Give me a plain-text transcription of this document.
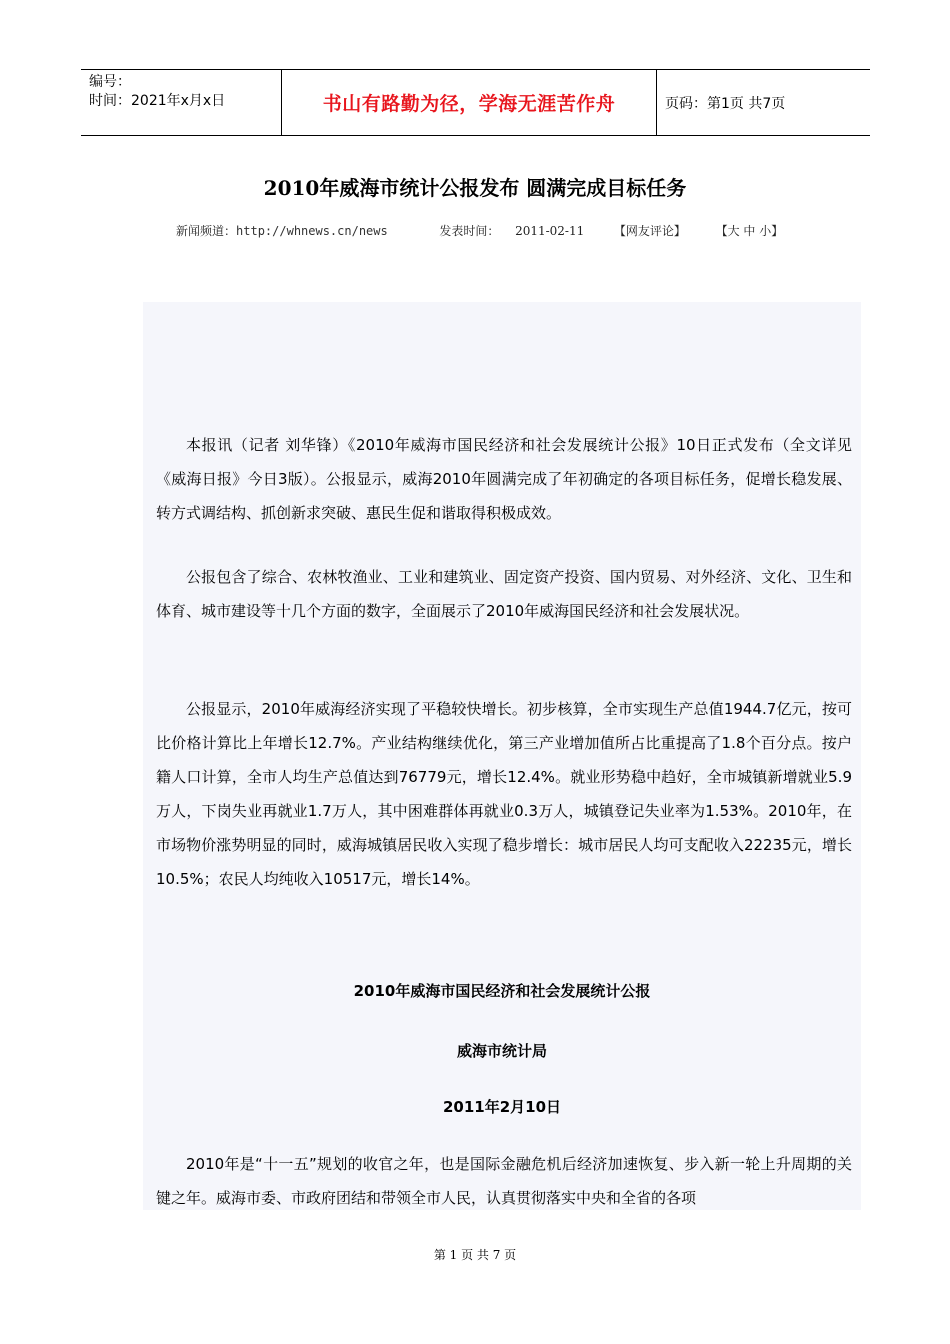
编号：
时间：2021年x月x日	书山有路勤为径，学海无涯苦作舟	页码：第1页 共7页
2010年威海市统计公报发布 圆满完成目标任务
新闻频道：http://whnews.cn/news	发表时间： 2011-02-11 【网友评论】 【大 中 小】

本报讯（记者 刘华锋）《2010年威海市国民经济和社会发展统计公报》10日正式发布（全文详见《威海日报》今日3版）。公报显示，威海2010年圆满完成了年初确定的各项目标任务，促增长稳发展、转方式调结构、抓创新求突破、惠民生促和谐取得积极成效。

公报包含了综合、农林牧渔业、工业和建筑业、固定资产投资、国内贸易、对外经济、文化、卫生和体育、城市建设等十几个方面的数字，全面展示了2010年威海国民经济和社会发展状况。

公报显示，2010年威海经济实现了平稳较快增长。初步核算，全市实现生产总值1944.7亿元，按可比价格计算比上年增长12.7%。产业结构继续优化，第三产业增加值所占比重提高了1.8个百分点。按户籍人口计算，全市人均生产总值达到76779元，增长12.4%。就业形势稳中趋好，全市城镇新增就业5.9万人，下岗失业再就业1.7万人，其中困难群体再就业0.3万人，城镇登记失业率为1.53%。2010年，在市场物价涨势明显的同时，威海城镇居民收入实现了稳步增长：城市居民人均可支配收入22235元，增长10.5%；农民人均纯收入10517元，增长14%。

2010年威海市国民经济和社会发展统计公报
威海市统计局
2011年2月10日

2010年是“十一五”规划的收官之年，也是国际金融危机后经济加速恢复、步入新一轮上升周期的关键之年。威海市委、市政府团结和带领全市人民，认真贯彻落实中央和全省的各项

第 1 页 共 7 页
